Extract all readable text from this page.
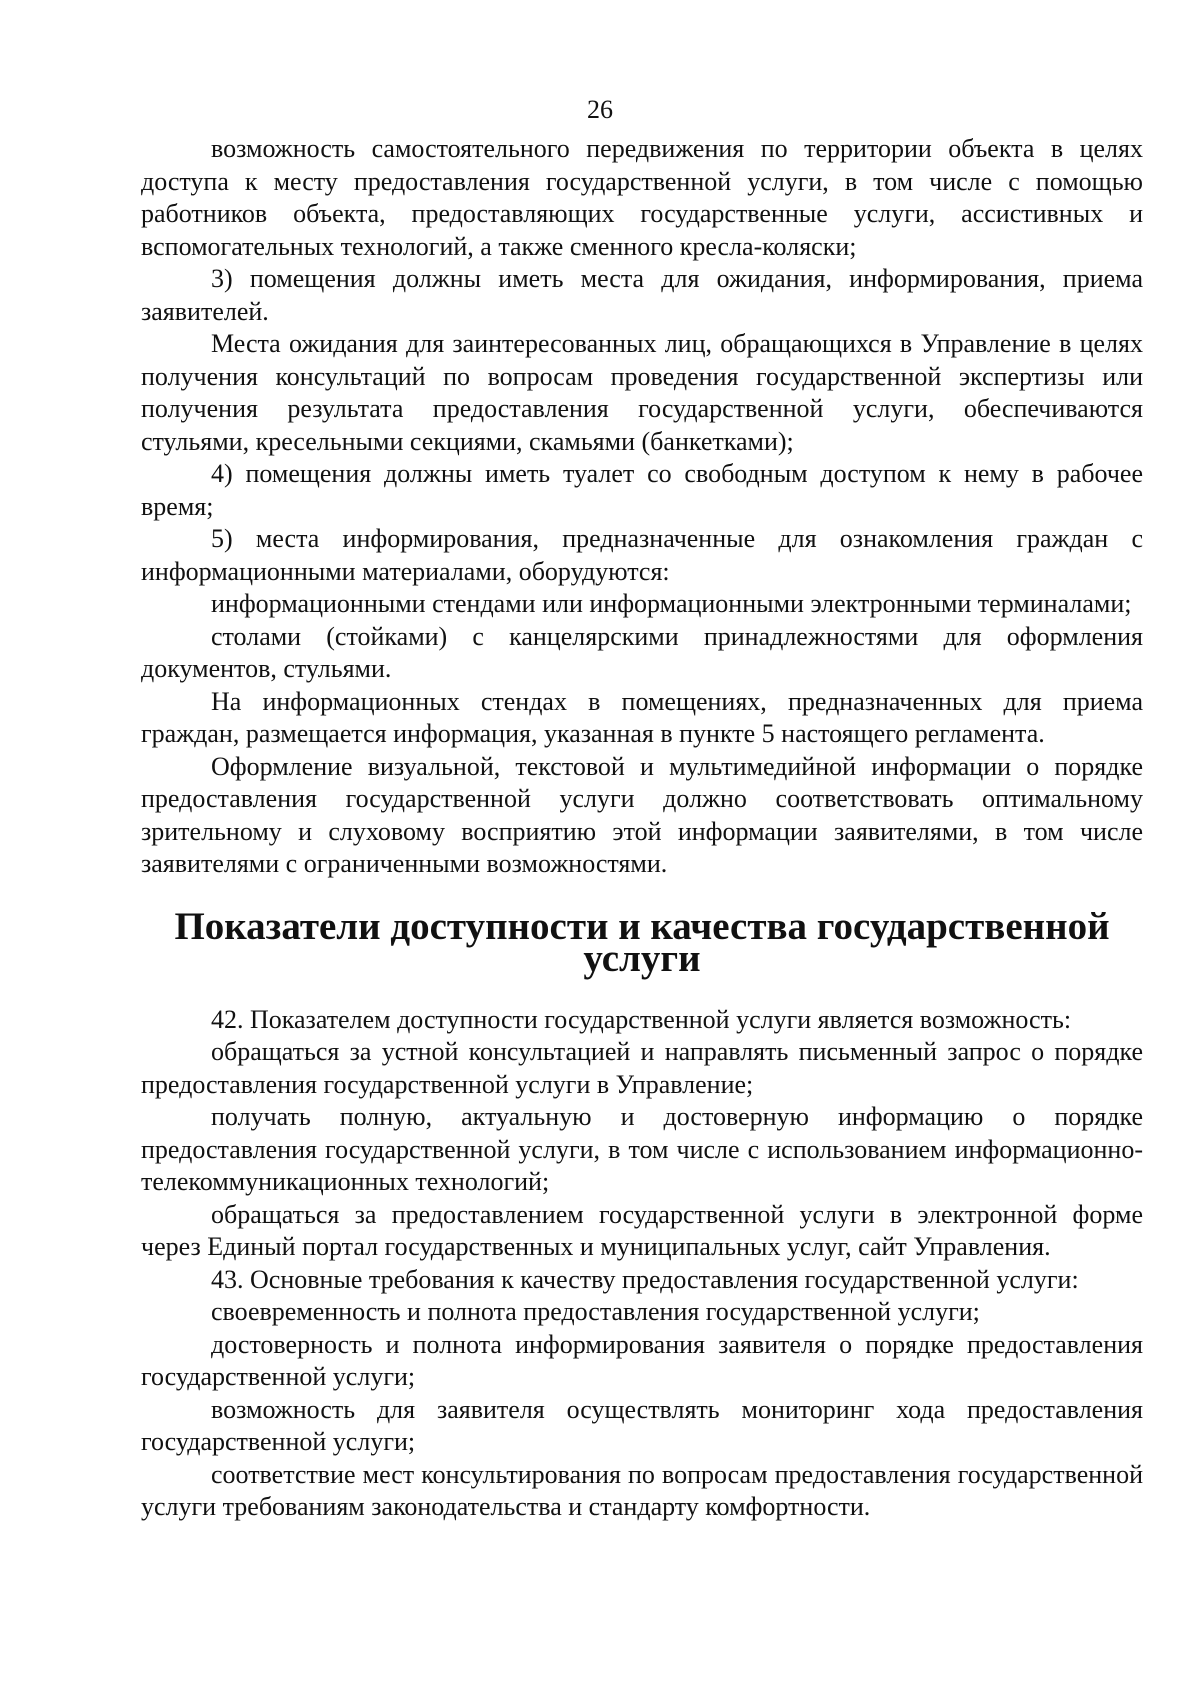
26

возможность самостоятельного передвижения по территории объекта в целях доступа к месту предоставления государственной услуги, в том числе с помощью работников объекта, предоставляющих государственные услуги, ассистивных и вспомогательных технологий, а также сменного кресла-коляски;

3) помещения должны иметь места для ожидания, информирования, приема заявителей.

Места ожидания для заинтересованных лиц, обращающихся в Управление в целях получения консультаций по вопросам проведения государственной экспертизы или получения результата предоставления государственной услуги, обеспечиваются стульями, кресельными секциями, скамьями (банкетками);

4) помещения должны иметь туалет со свободным доступом к нему в рабочее время;

5) места информирования, предназначенные для ознакомления граждан с информационными материалами, оборудуются:

информационными стендами или информационными электронными терминалами;

столами (стойками) с канцелярскими принадлежностями для оформления документов, стульями.

На информационных стендах в помещениях, предназначенных для приема граждан, размещается информация, указанная в пункте 5 настоящего регламента.

Оформление визуальной, текстовой и мультимедийной информации о порядке предоставления государственной услуги должно соответствовать оптимальному зрительному и слуховому восприятию этой информации заявителями, в том числе заявителями с ограниченными возможностями.

Показатели доступности и качества государственной услуги

42. Показателем доступности государственной услуги является возможность:

обращаться за устной консультацией и направлять письменный запрос о порядке предоставления государственной услуги в Управление;

получать полную, актуальную и достоверную информацию о порядке предоставления государственной услуги, в том числе с использованием информационно-телекоммуникационных технологий;

обращаться за предоставлением государственной услуги в электронной форме через Единый портал государственных и муниципальных услуг, сайт Управления.

43. Основные требования к качеству предоставления государственной услуги:

своевременность и полнота предоставления государственной услуги;

достоверность и полнота информирования заявителя о порядке предоставления государственной услуги;

возможность для заявителя осуществлять мониторинг хода предоставления государственной услуги;

соответствие мест консультирования по вопросам предоставления государственной услуги требованиям законодательства и стандарту комфортности.
